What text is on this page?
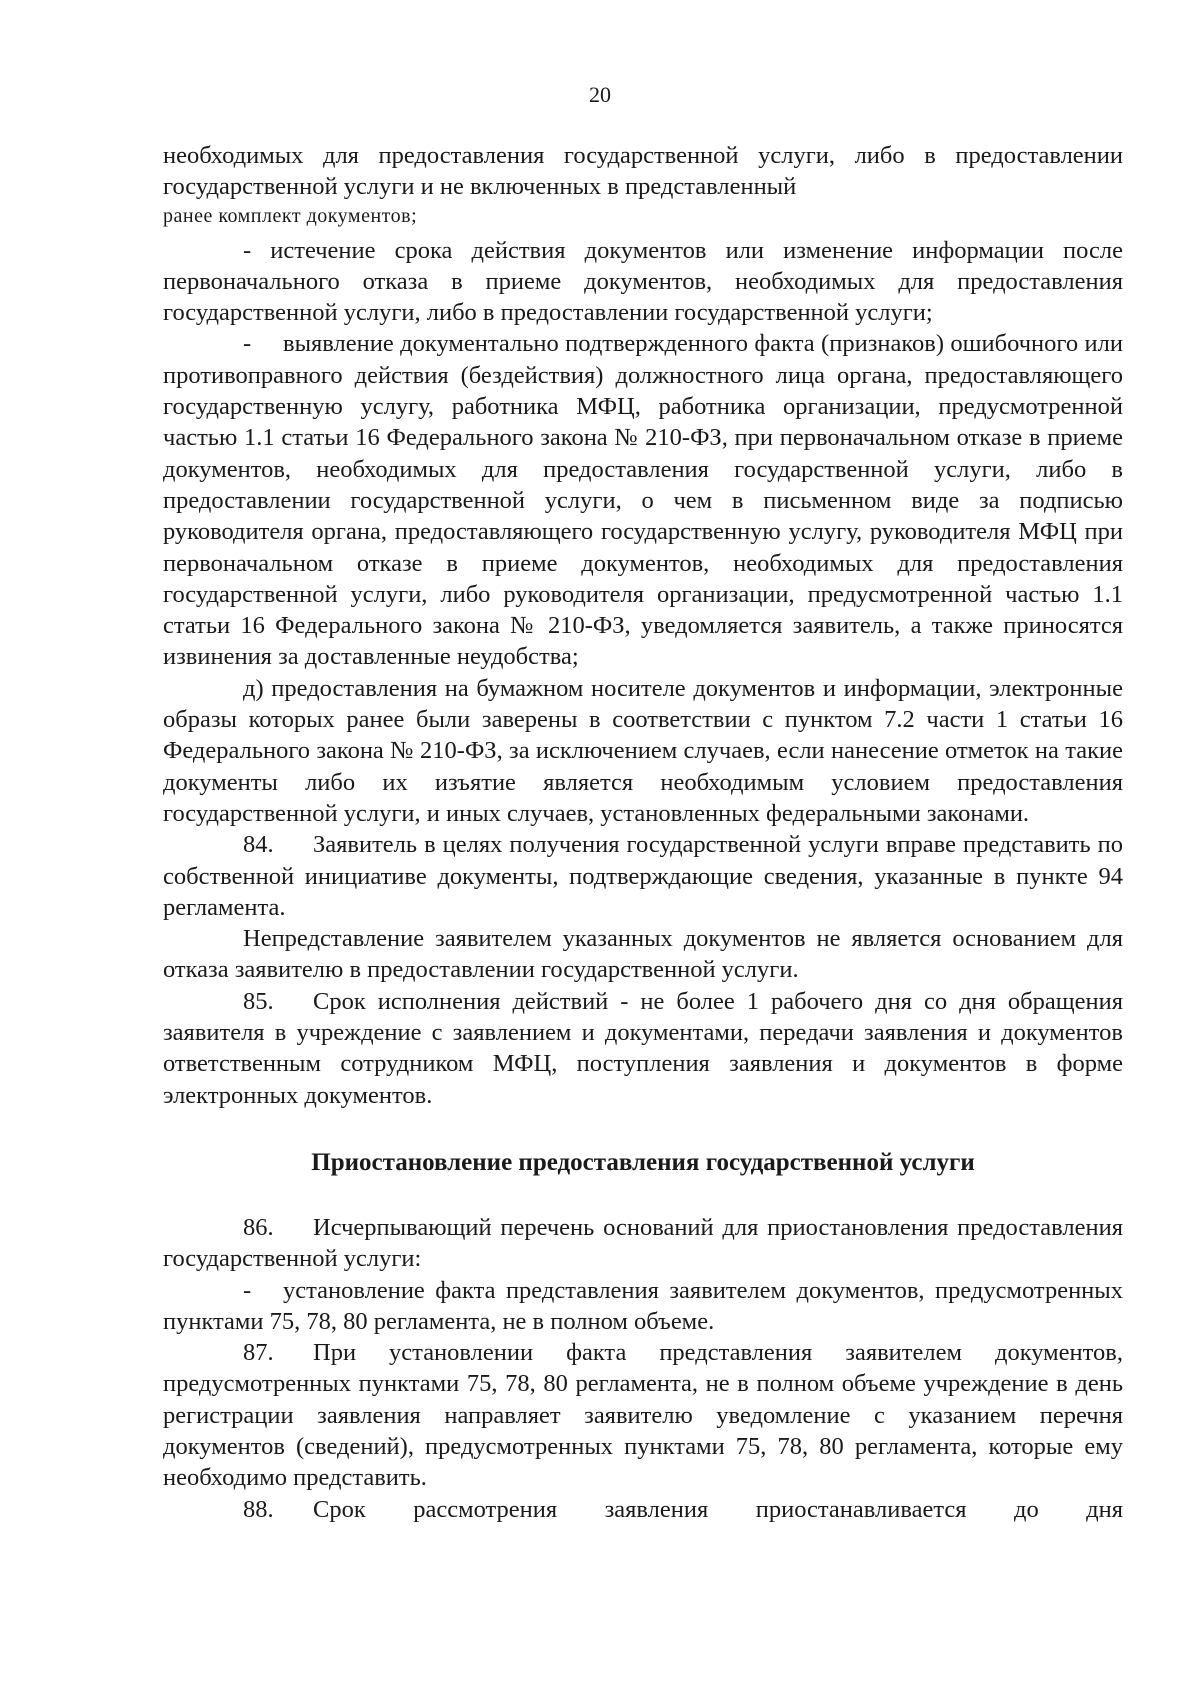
20

необходимых для предоставления государственной услуги, либо в предоставлении государственной услуги и не включенных в представленный

ранее комплект документов;

- истечение срока действия документов или изменение информации после первоначального отказа в приеме документов, необходимых для предоставления государственной услуги, либо в предоставлении государственной услуги;

- выявление документально подтвержденного факта (признаков) ошибочного или противоправного действия (бездействия) должностного лица органа, предоставляющего государственную услугу, работника МФЦ, работника организации, предусмотренной частью 1.1 статьи 16 Федерального закона № 210-ФЗ, при первоначальном отказе в приеме документов, необходимых для предоставления государственной услуги, либо в предоставлении государственной услуги, о чем в письменном виде за подписью руководителя органа, предоставляющего государственную услугу, руководителя МФЦ при первоначальном отказе в приеме документов, необходимых для предоставления государственной услуги, либо руководителя организации, предусмотренной частью 1.1 статьи 16 Федерального закона № 210-ФЗ, уведомляется заявитель, а также приносятся извинения за доставленные неудобства;

д) предоставления на бумажном носителе документов и информации, электронные образы которых ранее были заверены в соответствии с пунктом 7.2 части 1 статьи 16 Федерального закона № 210-ФЗ, за исключением случаев, если нанесение отметок на такие документы либо их изъятие является необходимым условием предоставления государственной услуги, и иных случаев, установленных федеральными законами.

84. Заявитель в целях получения государственной услуги вправе представить по собственной инициативе документы, подтверждающие сведения, указанные в пункте 94 регламента.

Непредставление заявителем указанных документов не является основанием для отказа заявителю в предоставлении государственной услуги.

85. Срок исполнения действий - не более 1 рабочего дня со дня обращения заявителя в учреждение с заявлением и документами, передачи заявления и документов ответственным сотрудником МФЦ, поступления заявления и документов в форме электронных документов.

Приостановление предоставления государственной услуги

86. Исчерпывающий перечень оснований для приостановления предоставления государственной услуги:

- установление факта представления заявителем документов, предусмотренных пунктами 75, 78, 80 регламента, не в полном объеме.

87. При установлении факта представления заявителем документов, предусмотренных пунктами 75, 78, 80 регламента, не в полном объеме учреждение в день регистрации заявления направляет заявителю уведомление с указанием перечня документов (сведений), предусмотренных пунктами 75, 78, 80 регламента, которые ему необходимо представить.

88. Срок рассмотрения заявления приостанавливается до дня
